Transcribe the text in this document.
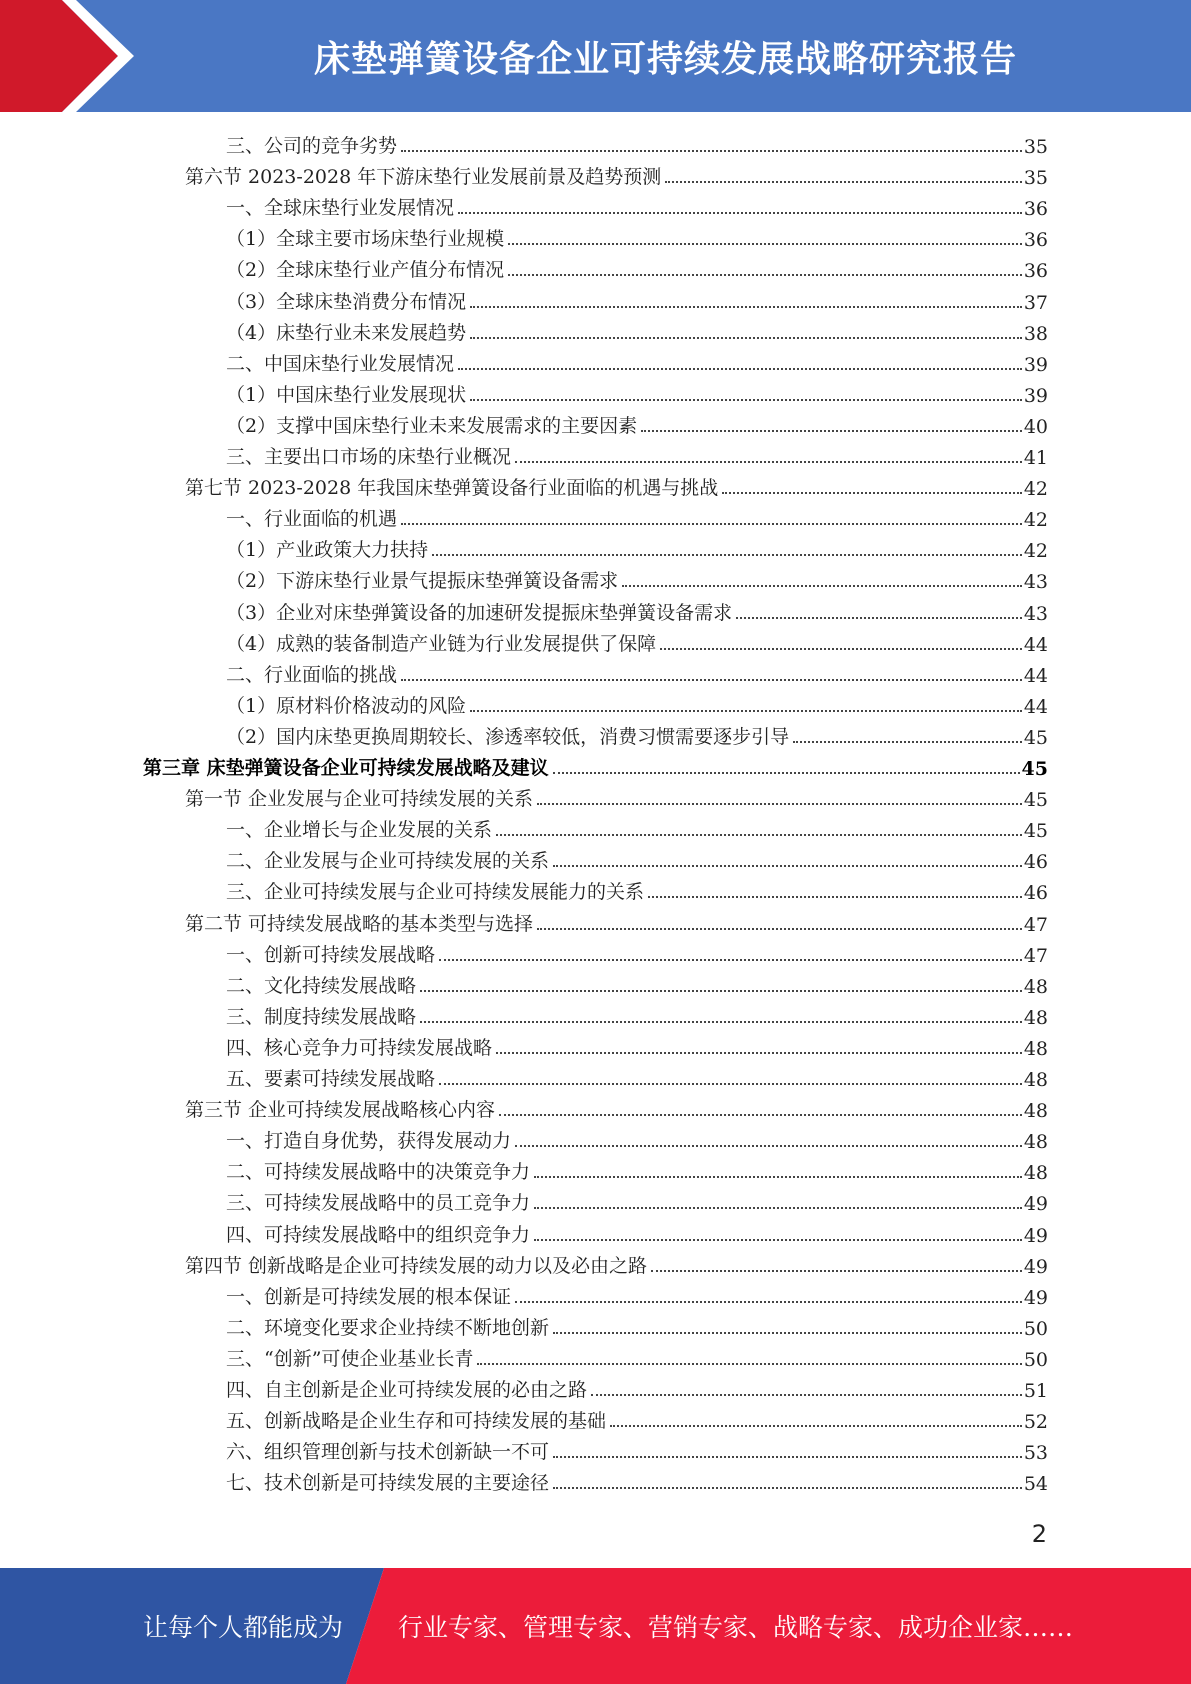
床垫弹簧设备企业可持续发展战略研究报告
三、公司的竞争劣势	35
第六节 2023-2028 年下游床垫行业发展前景及趋势预测	35
一、全球床垫行业发展情况	36
（1）全球主要市场床垫行业规模	36
（2）全球床垫行业产值分布情况	36
（3）全球床垫消费分布情况	37
（4）床垫行业未来发展趋势	38
二、中国床垫行业发展情况	39
（1）中国床垫行业发展现状	39
（2）支撑中国床垫行业未来发展需求的主要因素	40
三、主要出口市场的床垫行业概况	41
第七节 2023-2028 年我国床垫弹簧设备行业面临的机遇与挑战	42
一、行业面临的机遇	42
（1）产业政策大力扶持	42
（2）下游床垫行业景气提振床垫弹簧设备需求	43
（3）企业对床垫弹簧设备的加速研发提振床垫弹簧设备需求	43
（4）成熟的装备制造产业链为行业发展提供了保障	44
二、行业面临的挑战	44
（1）原材料价格波动的风险	44
（2）国内床垫更换周期较长、渗透率较低，消费习惯需要逐步引导	45
第三章 床垫弹簧设备企业可持续发展战略及建议	45
第一节 企业发展与企业可持续发展的关系	45
一、企业增长与企业发展的关系	45
二、企业发展与企业可持续发展的关系	46
三、企业可持续发展与企业可持续发展能力的关系	46
第二节 可持续发展战略的基本类型与选择	47
一、创新可持续发展战略	47
二、文化持续发展战略	48
三、制度持续发展战略	48
四、核心竞争力可持续发展战略	48
五、要素可持续发展战略	48
第三节 企业可持续发展战略核心内容	48
一、打造自身优势，获得发展动力	48
二、可持续发展战略中的决策竞争力	48
三、可持续发展战略中的员工竞争力	49
四、可持续发展战略中的组织竞争力	49
第四节 创新战略是企业可持续发展的动力以及必由之路	49
一、创新是可持续发展的根本保证	49
二、环境变化要求企业持续不断地创新	50
三、“创新”可使企业基业长青	50
四、自主创新是企业可持续发展的必由之路	51
五、创新战略是企业生存和可持续发展的基础	52
六、组织管理创新与技术创新缺一不可	53
七、技术创新是可持续发展的主要途径	54
2
让每个人都能成为 行业专家、管理专家、营销专家、战略专家、成功企业家……
